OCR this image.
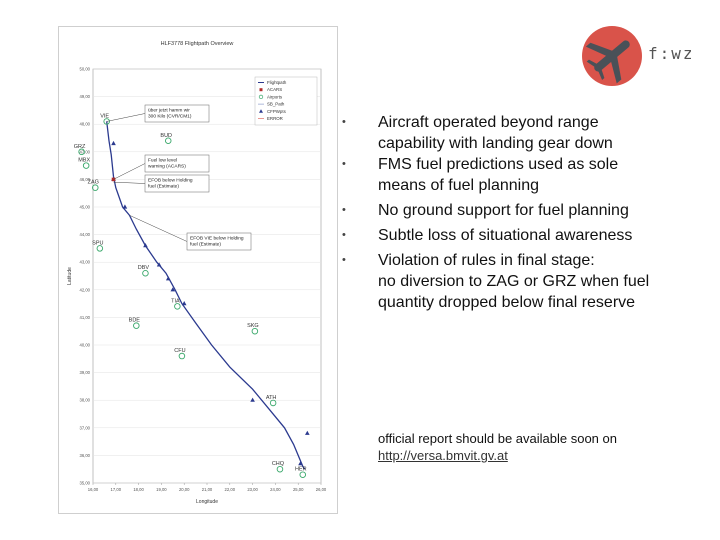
HLF3778 Flightpath Overview
35,00
36,00
37,00
38,00
39,00
40,00
41,00
42,00
43,00
44,00
45,00
46,00
47,00
48,00
49,00
50,00
16,00	17,00	18,00	19,00	20,00	21,00	22,00	23,00	24,00	25,00	26,00
Longitude
Latitude
VIE
GRZ
MBX
ZAG
BUD
SPU
DBV
TIA
BDE
SKG
CFU
ATH
CHQ
HER
über jetzt hamm wir
300 Kilo (CVR/CM1)
Fuel low level
warning (ACARS)
EFOB below Holding
fuel (Estimate)
EFOB VIE below Holding
fuel (Estimate)
Flightpath
ACARS
Airports
SB_Path
CFPWpts
ERROR
f:wz
•	Aircraft operated beyond range
capability with landing gear down
•	FMS fuel predictions used as sole
means of fuel planning
•	No ground support for fuel planning
•	Subtle loss of situational awareness
•	Violation of rules in final stage:
no diversion to ZAG or GRZ when fuel
quantity dropped below final reserve
official report should be available soon on
http://versa.bmvit.gv.at
